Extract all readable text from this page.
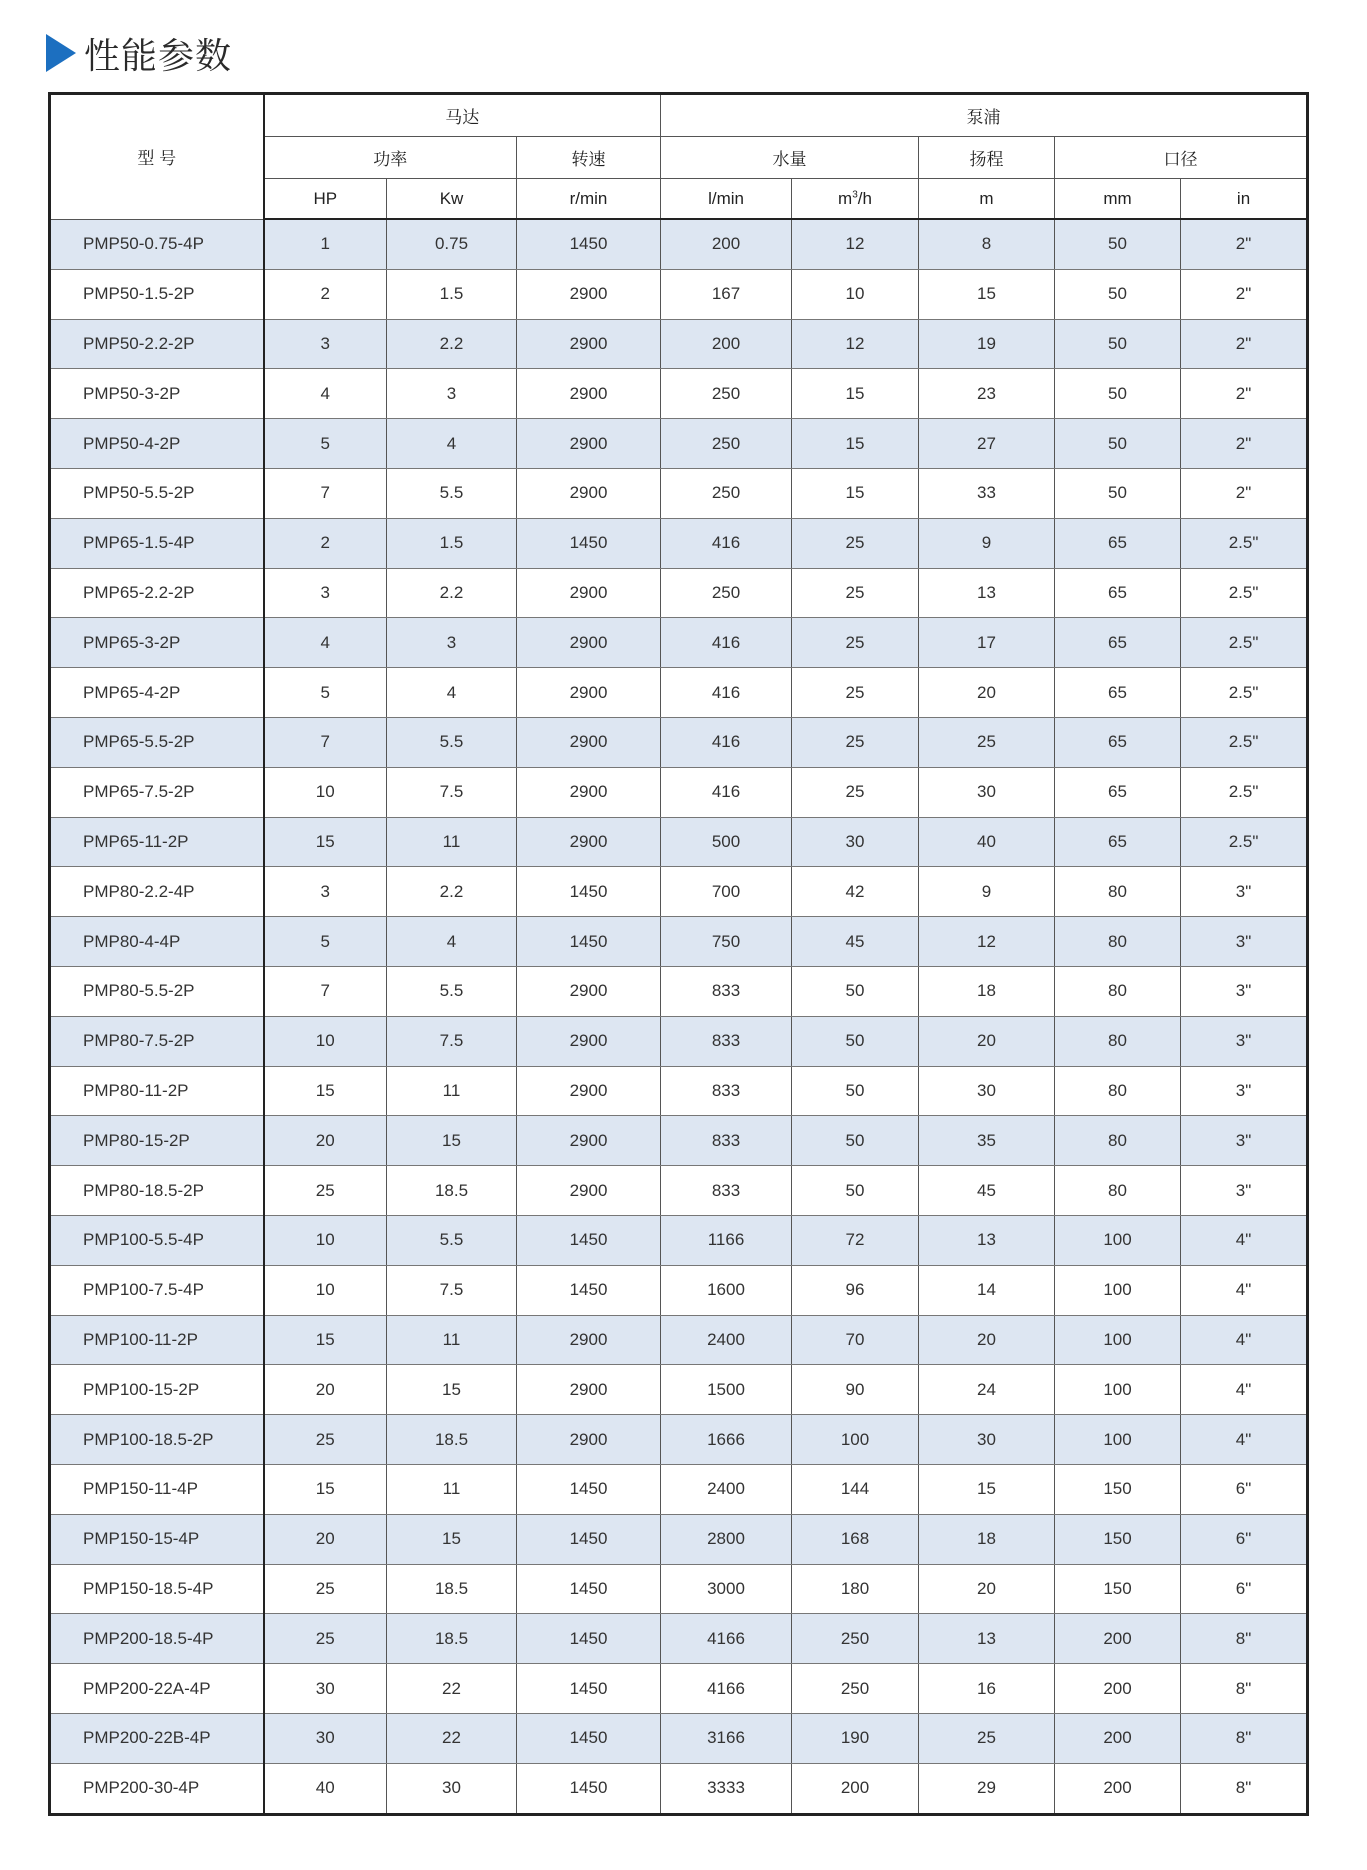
性能参数
型 号	马达			泵浦				
	功率		转速	水量		扬程	口径	
	HP	Kw	r/min	l/min	$m^3/h$	m	mm	in
PMP50-0.75-4P	1	0.75	1450	200	12	8	50	2"
PMP50-1.5-2P	2	1.5	2900	167	10	15	50	2"
PMP50-2.2-2P	3	2.2	2900	200	12	19	50	2"
PMP50-3-2P	4	3	2900	250	15	23	50	2"
PMP50-4-2P	5	4	2900	250	15	27	50	2"
PMP50-5.5-2P	7	5.5	2900	250	15	33	50	2"
PMP65-1.5-4P	2	1.5	1450	416	25	9	65	2.5"
PMP65-2.2-2P	3	2.2	2900	250	25	13	65	2.5"
PMP65-3-2P	4	3	2900	416	25	17	65	2.5"
PMP65-4-2P	5	4	2900	416	25	20	65	2.5"
PMP65-5.5-2P	7	5.5	2900	416	25	25	65	2.5"
PMP65-7.5-2P	10	7.5	2900	416	25	30	65	2.5"
PMP65-11-2P	15	11	2900	500	30	40	65	2.5"
PMP80-2.2-4P	3	2.2	1450	700	42	9	80	3"
PMP80-4-4P	5	4	1450	750	45	12	80	3"
PMP80-5.5-2P	7	5.5	2900	833	50	18	80	3"
PMP80-7.5-2P	10	7.5	2900	833	50	20	80	3"
PMP80-11-2P	15	11	2900	833	50	30	80	3"
PMP80-15-2P	20	15	2900	833	50	35	80	3"
PMP80-18.5-2P	25	18.5	2900	833	50	45	80	3"
PMP100-5.5-4P	10	5.5	1450	1166	72	13	100	4"
PMP100-7.5-4P	10	7.5	1450	1600	96	14	100	4"
PMP100-11-2P	15	11	2900	2400	70	20	100	4"
PMP100-15-2P	20	15	2900	1500	90	24	100	4"
PMP100-18.5-2P	25	18.5	2900	1666	100	30	100	4"
PMP150-11-4P	15	11	1450	2400	144	15	150	6"
PMP150-15-4P	20	15	1450	2800	168	18	150	6"
PMP150-18.5-4P	25	18.5	1450	3000	180	20	150	6"
PMP200-18.5-4P	25	18.5	1450	4166	250	13	200	8"
PMP200-22A-4P	30	22	1450	4166	250	16	200	8"
PMP200-22B-4P	30	22	1450	3166	190	25	200	8"
PMP200-30-4P	40	30	1450	3333	200	29	200	8"
